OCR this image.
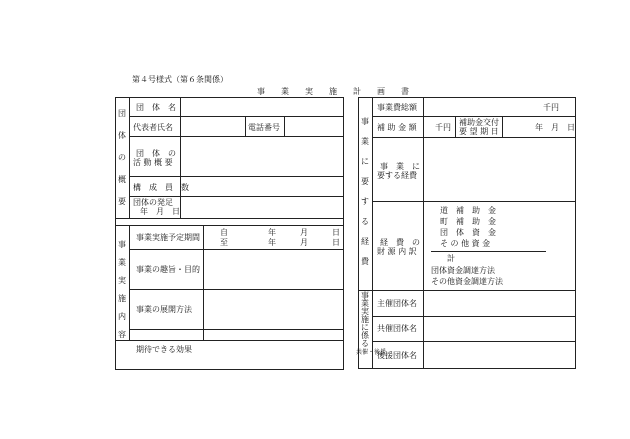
第４号様式（第６条関係）
事　　業　　実　　施　　計　　画　　書
団
体
の
概
要
団　体　名
代表者氏名	電話番号
団　体　の
活 動 概 要
構　成　員　数
団体の発足
年　月　日
事
業
実
施
内
容
事業実施予定期間
自	年　　　月　　　日
至	年　　　月　　　日
事業の趣旨・目的
事業の展開方法
期待できる効果
事
業
に
要
す
る
経
費
事業費総額	千円
補 助 金 額 千円
補助金交付
要 望 期 日	年　月　日
事　業　に
要する経費
経　費　の
財 源 内 訳
道　補　助　金
町　補　助　金
団　体　資　金
そ の 他 資 金
計
団体資金調達方法
その他資金調達方法
事
業
実
施
に
係
る
共催・後援
主催団体名
共催団体名
後援団体名
